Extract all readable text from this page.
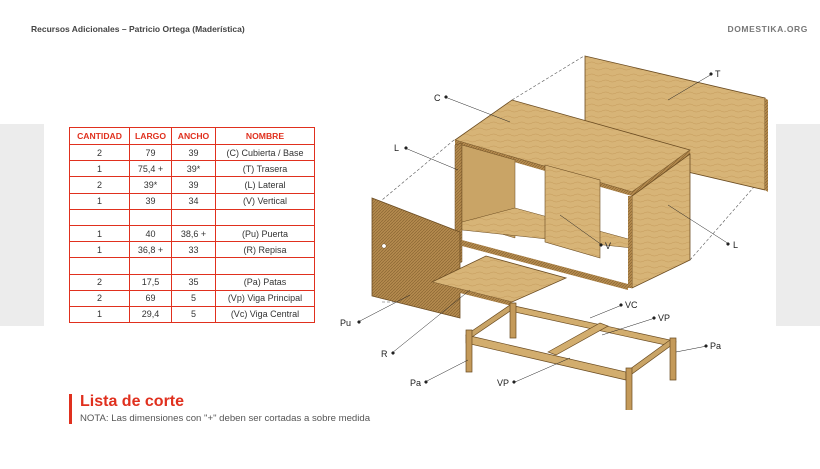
Recursos Adicionales – Patricio Ortega (Maderística)	DOMESTIKA.ORG
CANTIDAD	LARGO	ANCHO	NOMBRE
2	79	39	(C) Cubierta / Base
1	75,4 +	39*	(T) Trasera
2	39*	39	(L) Lateral
1	39	34	(V) Vertical

1	40	38,6 +	(Pu) Puerta
1	36,8 +	33	(R) Repisa

2	17,5	35	(Pa) Patas
2	69	5	(Vp) Viga Principal
1	29,4	5	(Vc) Viga Central
C
T
L
L
V
Pu
R
VC
VP
Pa
Pa	VP
Lista de corte
NOTA: Las dimensiones con "+" deben ser cortadas a sobre medida
